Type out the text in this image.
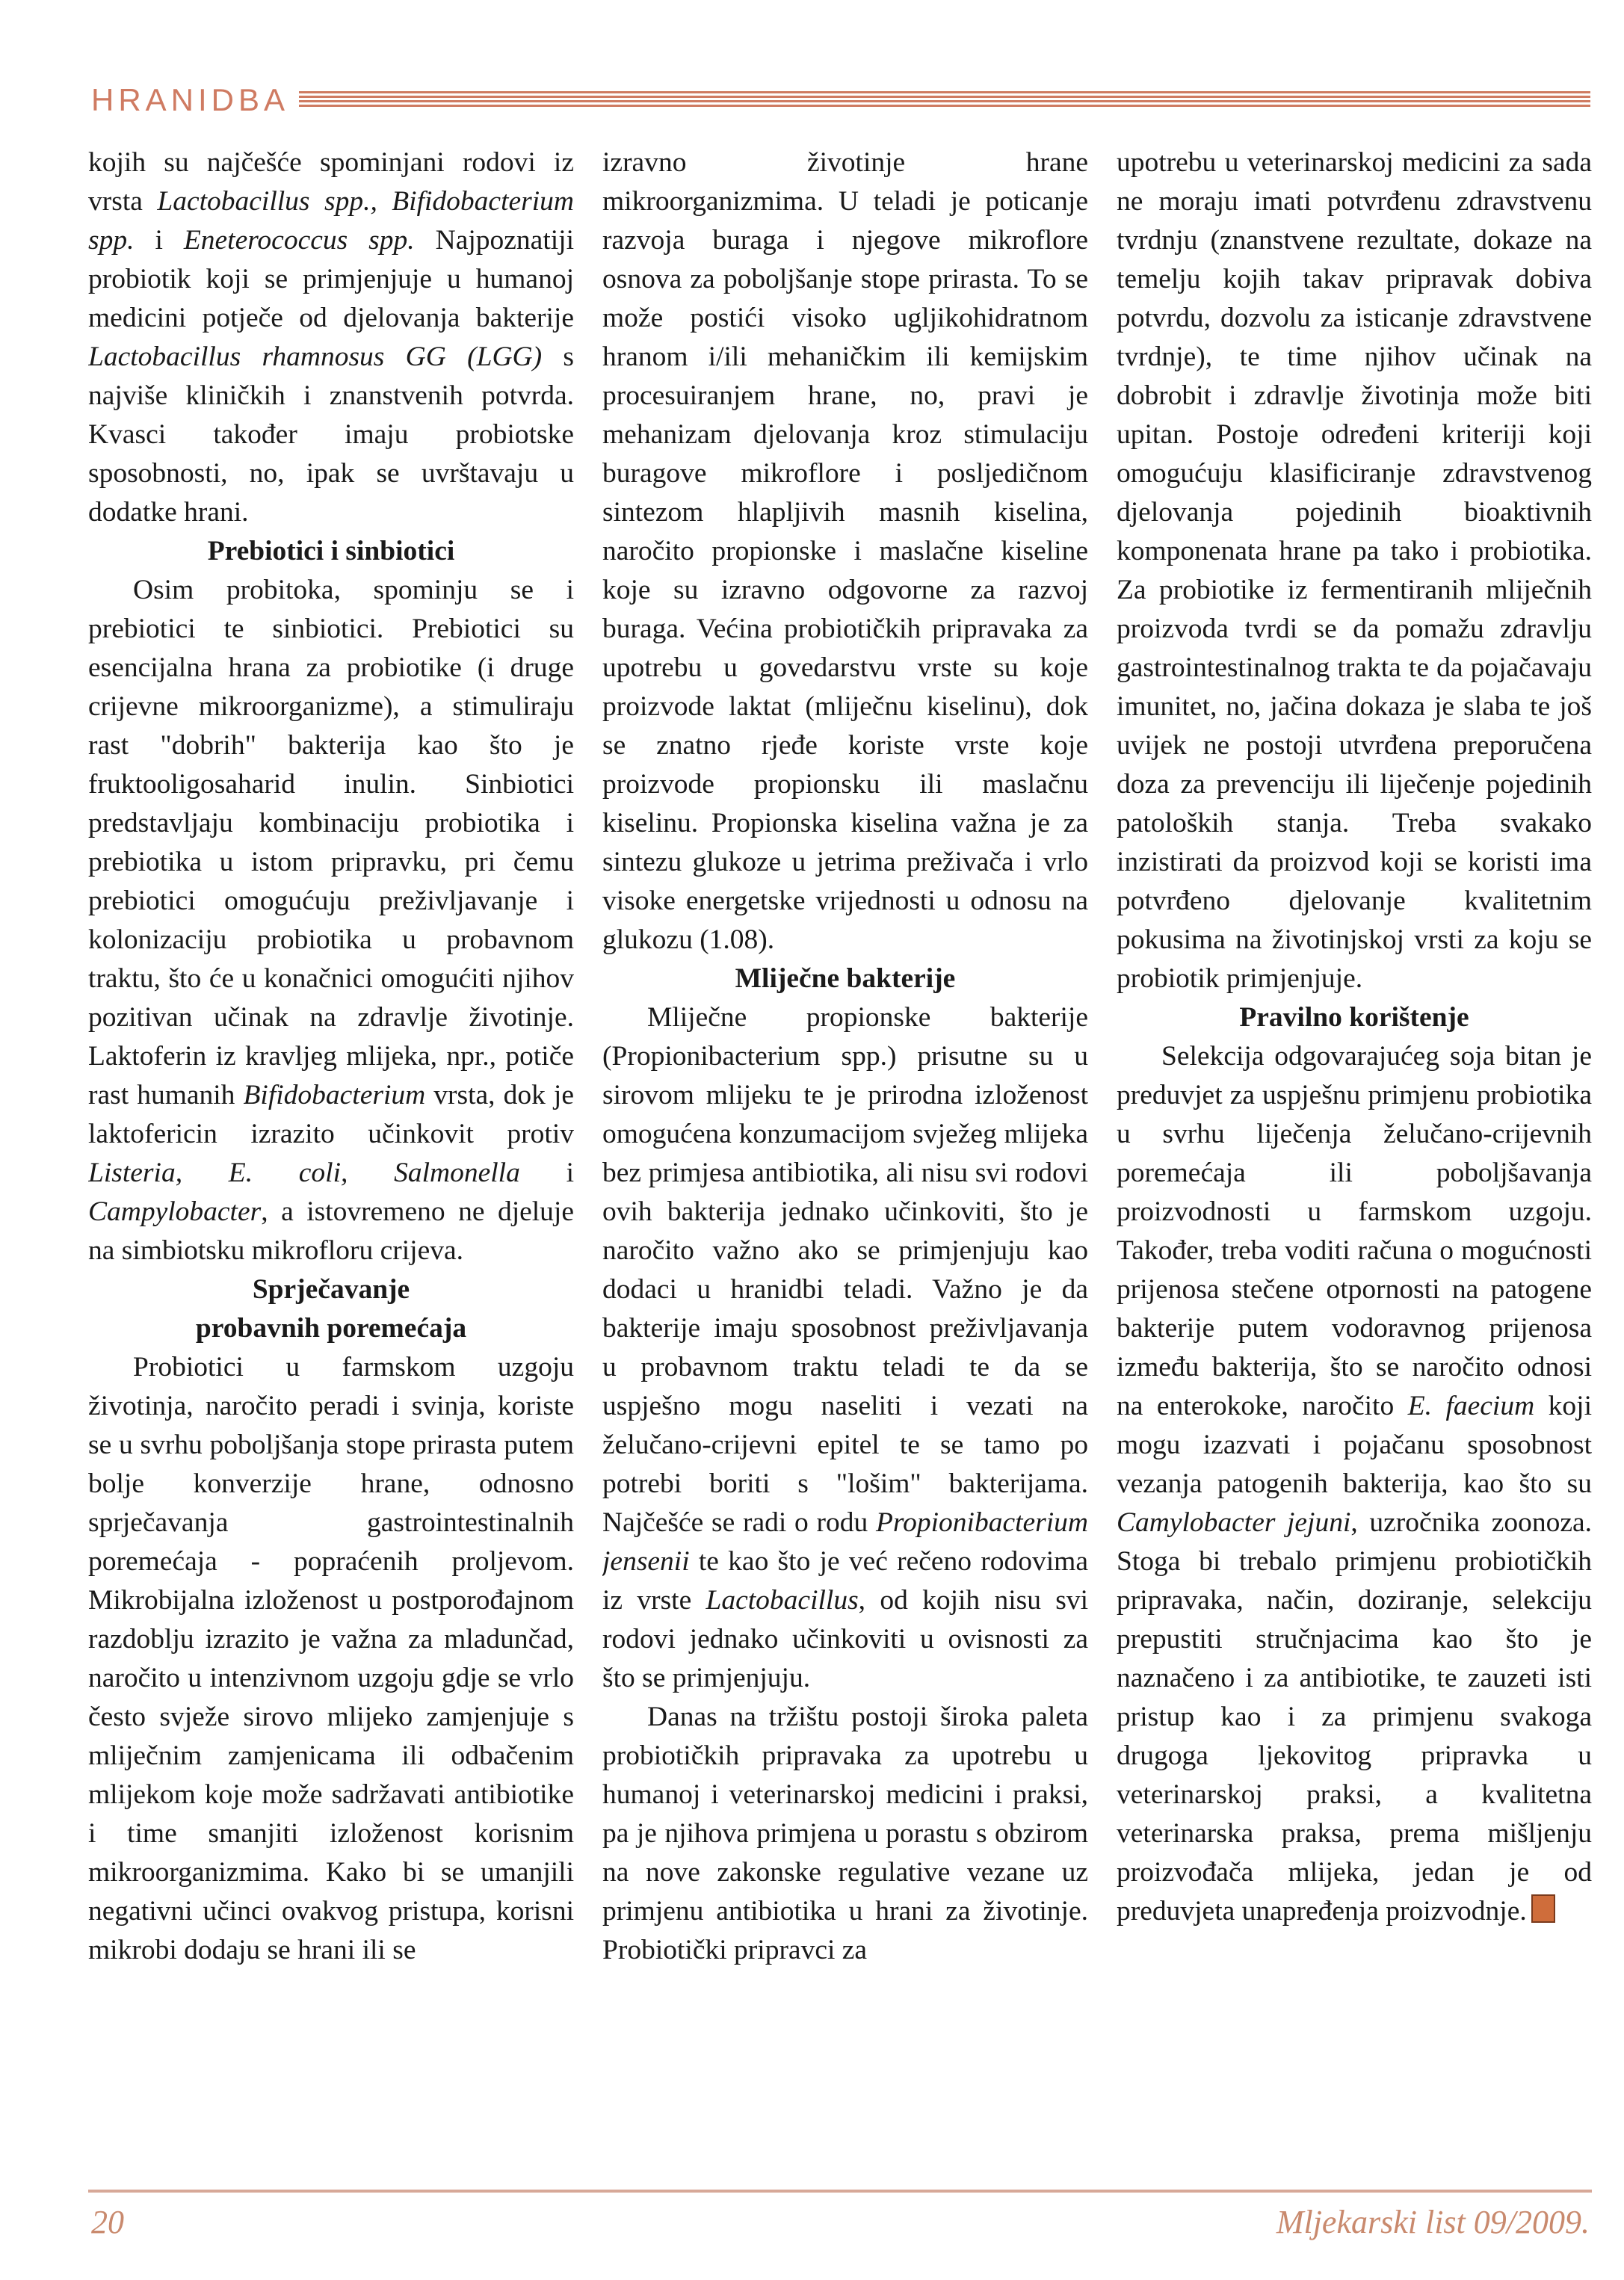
HRANIDBA

kojih su najčešće spominjani rodovi iz vrsta Lactobacillus spp., Bifidobacterium spp. i Eneterococcus spp. Najpoznatiji probiotik koji se primjenjuje u humanoj medicini potječe od djelovanja bakterije Lactobacillus rhamnosus GG (LGG) s najviše kliničkih i znanstvenih potvrda. Kvasci također imaju probiotske sposobnosti, no, ipak se uvrštavaju u dodatke hrani.

Prebiotici i sinbiotici

Osim probitoka, spominju se i prebiotici te sinbiotici. Prebiotici su esencijalna hrana za probiotike (i druge crijevne mikroorganizme), a stimuliraju rast "dobrih" bakterija kao što je fruktooligosaharid inulin. Sinbiotici predstavljaju kombinaciju probiotika i prebiotika u istom pripravku, pri čemu prebiotici omogućuju preživljavanje i kolonizaciju probiotika u probavnom traktu, što će u konačnici omogućiti njihov pozitivan učinak na zdravlje životinje. Laktoferin iz kravljeg mlijeka, npr., potiče rast humanih Bifidobacterium vrsta, dok je laktofericin izrazito učinkovit protiv Listeria, E. coli, Salmonella i Campylobacter, a istovremeno ne djeluje na simbiotsku mikrofloru crijeva.

Sprječavanje
probavnih poremećaja

Probiotici u farmskom uzgoju životinja, naročito peradi i svinja, koriste se u svrhu poboljšanja stope prirasta putem bolje konverzije hrane, odnosno sprječavanja gastrointestinalnih poremećaja - popraćenih proljevom. Mikrobijalna izloženost u postporođajnom razdoblju izrazito je važna za mladunčad, naročito u intenzivnom uzgoju gdje se vrlo često svježe sirovo mlijeko zamjenjuje s mliječnim zamjenicama ili odbačenim mlijekom koje može sadržavati antibiotike i time smanjiti izloženost korisnim mikroorganizmima. Kako bi se umanjili negativni učinci ovakvog pristupa, korisni mikrobi dodaju se hrani ili se

izravno životinje hrane mikroorganizmima. U teladi je poticanje razvoja buraga i njegove mikroflore osnova za poboljšanje stope prirasta. To se može postići visoko ugljikohidratnom hranom i/ili mehaničkim ili kemijskim procesuiranjem hrane, no, pravi je mehanizam djelovanja kroz stimulaciju buragove mikroflore i posljedičnom sintezom hlapljivih masnih kiselina, naročito propionske i maslačne kiseline koje su izravno odgovorne za razvoj buraga. Većina probiotičkih pripravaka za upotrebu u govedarstvu vrste su koje proizvode laktat (mliječnu kiselinu), dok se znatno rjeđe koriste vrste koje proizvode propionsku ili maslačnu kiselinu. Propionska kiselina važna je za sintezu glukoze u jetrima preživača i vrlo visoke energetske vrijednosti u odnosu na glukozu (1.08).

Mliječne bakterije

Mliječne propionske bakterije (Propionibacterium spp.) prisutne su u sirovom mlijeku te je prirodna izloženost omogućena konzumacijom svježeg mlijeka bez primjesa antibiotika, ali nisu svi rodovi ovih bakterija jednako učinkoviti, što je naročito važno ako se primjenjuju kao dodaci u hranidbi teladi. Važno je da bakterije imaju sposobnost preživljavanja u probavnom traktu teladi te da se uspješno mogu naseliti i vezati na želučano-crijevni epitel te se tamo po potrebi boriti s "lošim" bakterijama. Najčešće se radi o rodu Propionibacterium jensenii te kao što je već rečeno rodovima iz vrste Lactobacillus, od kojih nisu svi rodovi jednako učinkoviti u ovisnosti za što se primjenjuju.

Danas na tržištu postoji široka paleta probiotičkih pripravaka za upotrebu u humanoj i veterinarskoj medicini i praksi, pa je njihova primjena u porastu s obzirom na nove zakonske regulative vezane uz primjenu antibiotika u hrani za životinje. Probiotički pripravci za

upotrebu u veterinarskoj medicini za sada ne moraju imati potvrđenu zdravstvenu tvrdnju (znanstvene rezultate, dokaze na temelju kojih takav pripravak dobiva potvrdu, dozvolu za isticanje zdravstvene tvrdnje), te time njihov učinak na dobrobit i zdravlje životinja može biti upitan. Postoje određeni kriteriji koji omogućuju klasificiranje zdravstvenog djelovanja pojedinih bioaktivnih komponenata hrane pa tako i probiotika. Za probiotike iz fermentiranih mliječnih proizvoda tvrdi se da pomažu zdravlju gastrointestinalnog trakta te da pojačavaju imunitet, no, jačina dokaza je slaba te još uvijek ne postoji utvrđena preporučena doza za prevenciju ili liječenje pojedinih patoloških stanja. Treba svakako inzistirati da proizvod koji se koristi ima potvrđeno djelovanje kvalitetnim pokusima na životinjskoj vrsti za koju se probiotik primjenjuje.

Pravilno korištenje

Selekcija odgovarajućeg soja bitan je preduvjet za uspješnu primjenu probiotika u svrhu liječenja želučano-crijevnih poremećaja ili poboljšavanja proizvodnosti u farmskom uzgoju. Također, treba voditi računa o mogućnosti prijenosa stečene otpornosti na patogene bakterije putem vodoravnog prijenosa između bakterija, što se naročito odnosi na enterokoke, naročito E. faecium koji mogu izazvati i pojačanu sposobnost vezanja patogenih bakterija, kao što su Camylobacter jejuni, uzročnika zoonoza. Stoga bi trebalo primjenu probiotičkih pripravaka, način, doziranje, selekciju prepustiti stručnjacima kao što je naznačeno i za antibiotike, te zauzeti isti pristup kao i za primjenu svakoga drugoga ljekovitog pripravka u veterinarskoj praksi, a kvalitetna veterinarska praksa, prema mišljenju proizvođača mlijeka, jedan je od preduvjeta unapređenja proizvodnje.

20	Mljekarski list 09/2009.
